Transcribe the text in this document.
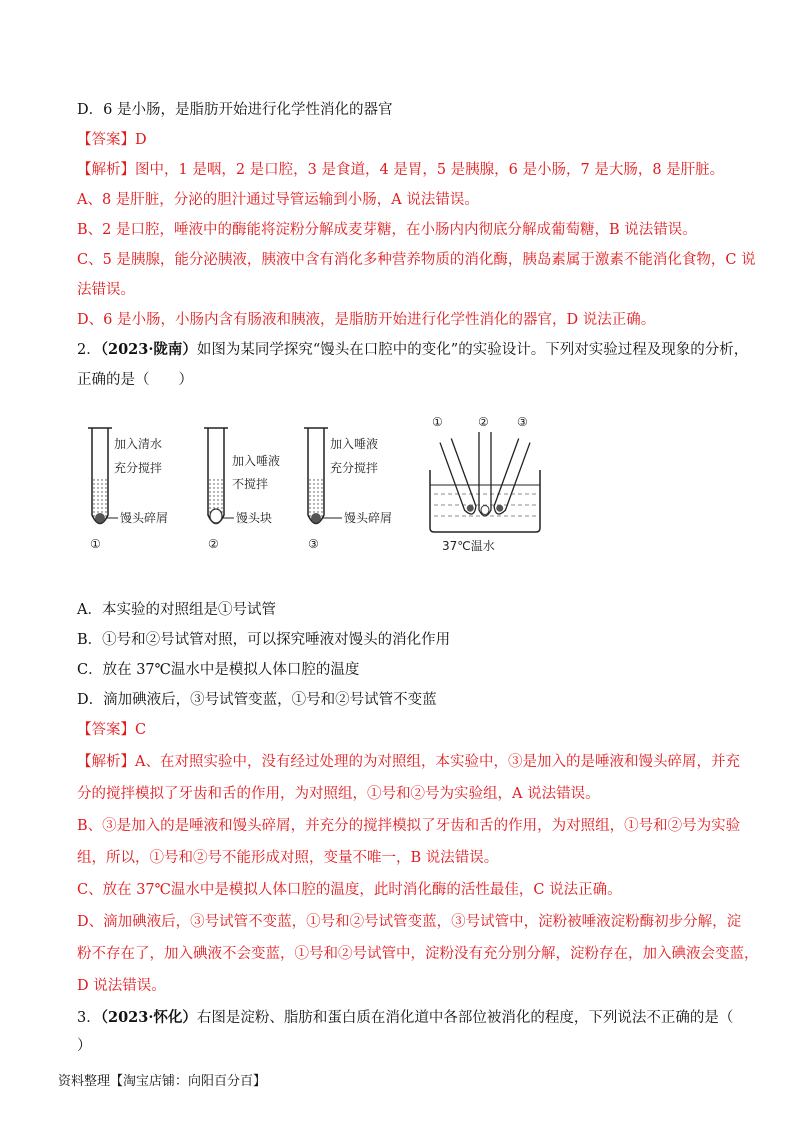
D．6 是小肠，是脂肪开始进行化学性消化的器官
【答案】D
【解析】图中，1 是咽，2 是口腔，3 是食道，4 是胃，5 是胰腺，6 是小肠，7 是大肠，8 是肝脏。
A、8 是肝脏，分泌的胆汁通过导管运输到小肠，A 说法错误。
B、2 是口腔，唾液中的酶能将淀粉分解成麦芽糖，在小肠内内彻底分解成葡萄糖，B 说法错误。
C、5 是胰腺，能分泌胰液，胰液中含有消化多种营养物质的消化酶，胰岛素属于激素不能消化食物，C 说
法错误。
D、6 是小肠，小肠内含有肠液和胰液，是脂肪开始进行化学性消化的器官，D 说法正确。
2．（2023·陇南）如图为某同学探究“馒头在口腔中的变化”的实验设计。下列对实验过程及现象的分析，
正确的是（　　）
加入清水
充分搅拌
馒头碎屑
①
加入唾液
不搅拌
馒头块
②
加入唾液
充分搅拌
馒头碎屑
③
①	② ③
37℃温水
A．本实验的对照组是①号试管
B．①号和②号试管对照，可以探究唾液对馒头的消化作用
C．放在 37℃温水中是模拟人体口腔的温度
D．滴加碘液后，③号试管变蓝，①号和②号试管不变蓝
【答案】C
【解析】A、在对照实验中，没有经过处理的为对照组，本实验中，③是加入的是唾液和馒头碎屑，并充
分的搅拌模拟了牙齿和舌的作用，为对照组，①号和②号为实验组，A 说法错误。
B、③是加入的是唾液和馒头碎屑，并充分的搅拌模拟了牙齿和舌的作用，为对照组，①号和②号为实验
组，所以，①号和②号不能形成对照，变量不唯一，B 说法错误。
C、放在 37℃温水中是模拟人体口腔的温度，此时消化酶的活性最佳，C 说法正确。
D、滴加碘液后，③号试管不变蓝，①号和②号试管变蓝，③号试管中，淀粉被唾液淀粉酶初步分解，淀
粉不存在了，加入碘液不会变蓝，①号和②号试管中，淀粉没有充分别分解，淀粉存在，加入碘液会变蓝，
D 说法错误。
3．（2023·怀化）右图是淀粉、脂肪和蛋白质在消化道中各部位被消化的程度，下列说法不正确的是（
）
资料整理【淘宝店铺：向阳百分百】
